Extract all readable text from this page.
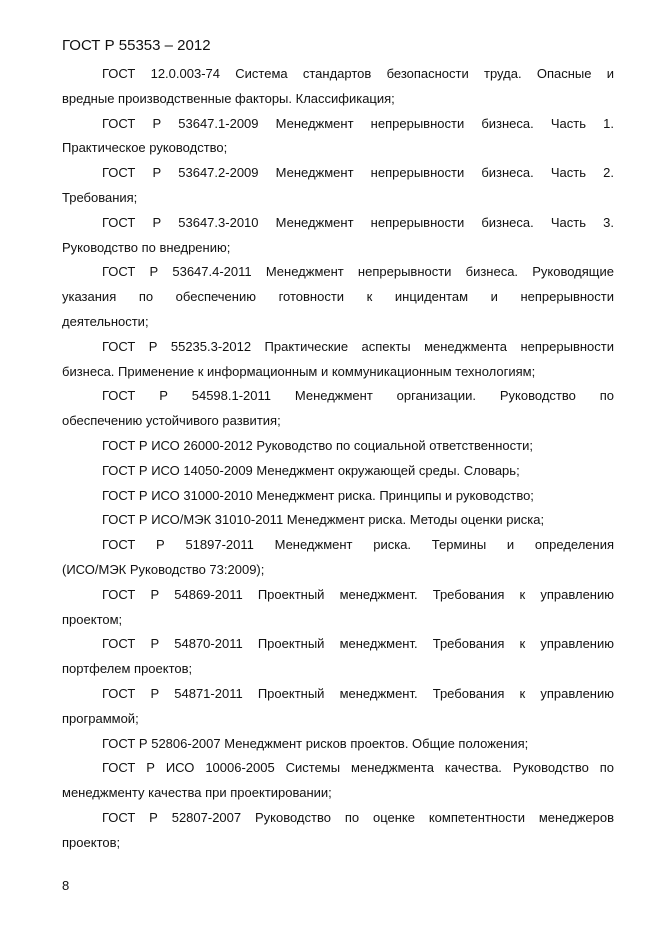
ГОСТ Р 55353 – 2012
ГОСТ 12.0.003-74 Система стандартов безопасности труда. Опасные и
вредные производственные факторы. Классификация;
ГОСТ Р 53647.1-2009 Менеджмент непрерывности бизнеса. Часть 1.
Практическое руководство;
ГОСТ Р 53647.2-2009 Менеджмент непрерывности бизнеса. Часть 2.
Требования;
ГОСТ Р 53647.3-2010 Менеджмент непрерывности бизнеса. Часть 3.
Руководство по внедрению;
ГОСТ Р 53647.4-2011 Менеджмент непрерывности бизнеса. Руководящие
указания по обеспечению готовности к инцидентам и непрерывности
деятельности;
ГОСТ Р 55235.3-2012 Практические аспекты менеджмента непрерывности
бизнеса. Применение к информационным и коммуникационным технологиям;
ГОСТ Р 54598.1-2011 Менеджмент организации. Руководство по
обеспечению устойчивого развития;
ГОСТ Р ИСО 26000-2012 Руководство по социальной ответственности;
ГОСТ Р ИСО 14050-2009 Менеджмент окружающей среды. Словарь;
ГОСТ Р ИСО 31000-2010 Менеджмент риска. Принципы и руководство;
ГОСТ Р ИСО/МЭК 31010-2011 Менеджмент риска. Методы оценки риска;
ГОСТ Р 51897-2011 Менеджмент риска. Термины и определения
(ИСО/МЭК Руководство 73:2009);
ГОСТ Р 54869-2011 Проектный менеджмент. Требования к управлению
проектом;
ГОСТ Р 54870-2011 Проектный менеджмент. Требования к управлению
портфелем проектов;
ГОСТ Р 54871-2011 Проектный менеджмент. Требования к управлению
программой;
ГОСТ Р 52806-2007 Менеджмент рисков проектов. Общие положения;
ГОСТ Р ИСО 10006-2005 Системы менеджмента качества. Руководство по
менеджменту качества при проектировании;
ГОСТ Р 52807-2007 Руководство по оценке компетентности менеджеров
проектов;
8
